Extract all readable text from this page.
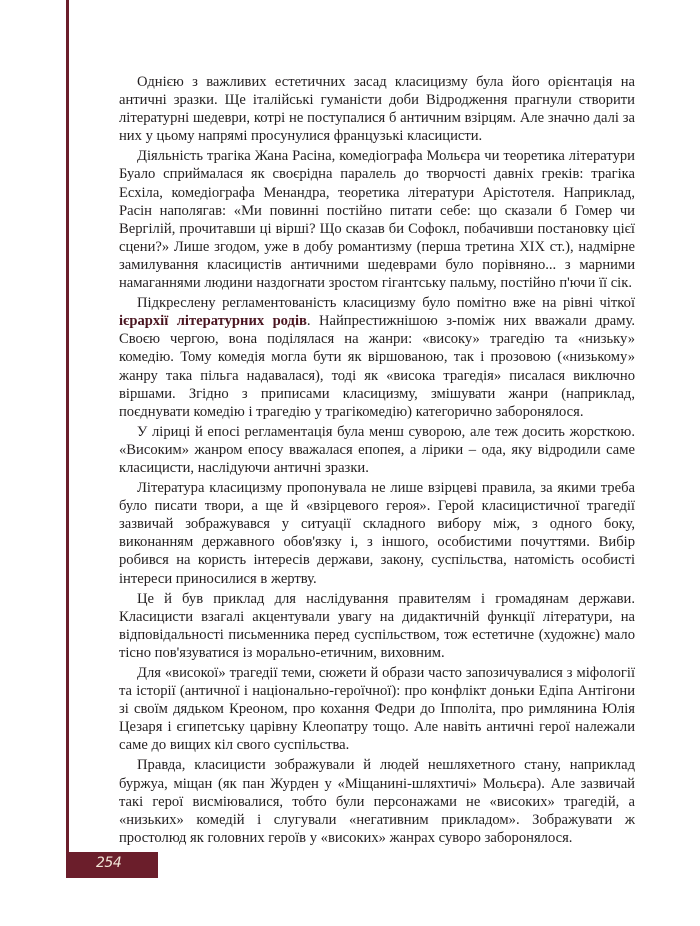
Однією з важливих естетичних засад класицизму була його орієнтація на античні зразки. Ще італійські гуманісти доби Відродження прагнули створити літературні шедеври, котрі не поступалися б античним взірцям. Але значно далі за них у цьому напрямі просунулися французькі класицисти.

Діяльність трагіка Жана Расіна, комедіографа Мольєра чи теоретика літератури Буало сприймалася як своєрідна паралель до творчості давніх греків: трагіка Есхіла, комедіографа Менандра, теоретика літератури Арістотеля. Наприклад, Расін наполягав: «Ми повинні постійно питати себе: що сказали б Гомер чи Вергілій, прочитавши ці вірші? Що сказав би Софокл, побачивши постановку цієї сцени?» Лише згодом, уже в добу романтизму (перша третина XIX ст.), надмірне замилування класицистів античними шедеврами було порівняно... з марними намаганнями людини наздогнати зростом гігантську пальму, постійно п'ючи її сік.

Підкреслену регламентованість класицизму було помітно вже на рівні чіткої ієрархії літературних родів. Найпрестижнішою з-поміж них вважали драму. Своєю чергою, вона поділялася на жанри: «високу» трагедію та «низьку» комедію. Тому комедія могла бути як віршованою, так і прозовою («низькому» жанру така пільга надавалася), тоді як «висока трагедія» писалася виключно віршами. Згідно з приписами класицизму, змішувати жанри (наприклад, поєднувати комедію і трагедію у трагікомедію) категорично заборонялося.

У ліриці й епосі регламентація була менш суворою, але теж досить жорсткою. «Високим» жанром епосу вважалася епопея, а лірики – ода, яку відродили саме класицисти, наслідуючи античні зразки.

Література класицизму пропонувала не лише взірцеві правила, за якими треба було писати твори, а ще й «взірцевого героя». Герой класицистичної трагедії зазвичай зображувався у ситуації складного вибору між, з одного боку, виконанням державного обов'язку і, з іншого, особистими почуттями. Вибір робився на користь інтересів держави, закону, суспільства, натомість особисті інтереси приносилися в жертву.

Це й був приклад для наслідування правителям і громадянам держави. Класицисти взагалі акцентували увагу на дидактичній функції літератури, на відповідальності письменника перед суспільством, тож естетичне (художнє) мало тісно пов'язуватися із морально-етичним, виховним.

Для «високої» трагедії теми, сюжети й образи часто запозичувалися з міфології та історії (античної і національно-героїчної): про конфлікт доньки Едіпа Антігони зі своїм дядьком Креоном, про кохання Федри до Іпполіта, про римлянина Юлія Цезаря і єгипетську царівну Клеопатру тощо. Але навіть античні герої належали саме до вищих кіл свого суспільства.

Правда, класицисти зображували й людей нешляхетного стану, наприклад буржуа, міщан (як пан Журден у «Міщанині-шляхтичі» Мольєра). Але зазвичай такі герої висміювалися, тобто були персонажами не «високих» трагедій, а «низьких» комедій і слугували «негативним прикладом». Зображувати ж простолюд як головних героїв у «високих» жанрах суворо заборонялося.

254
